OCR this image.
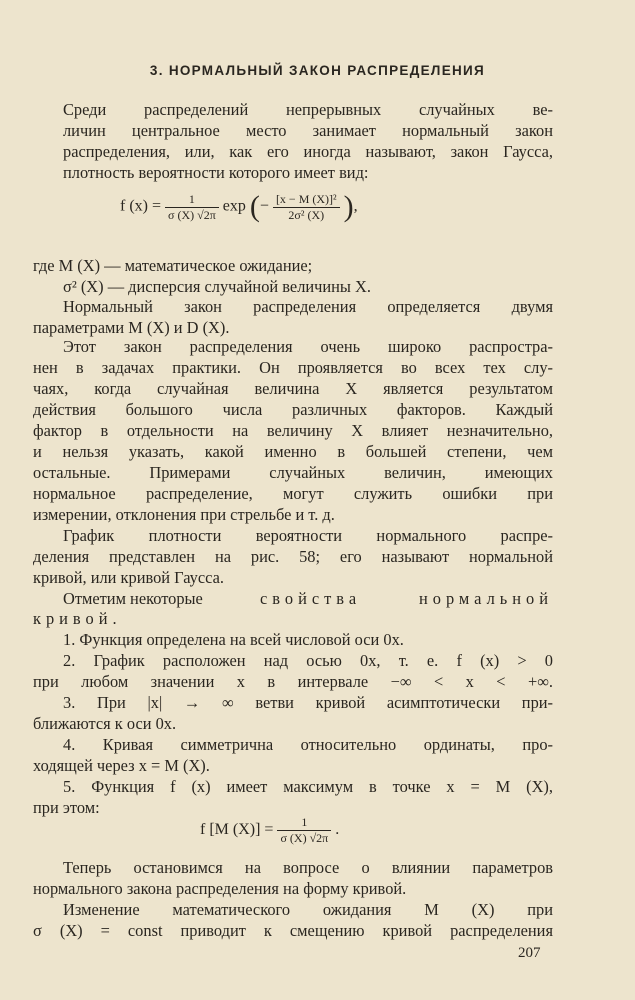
3. НОРМАЛЬНЫЙ ЗАКОН РАСПРЕДЕЛЕНИЯ
Среди распределений непрерывных случайных ве-
личин центральное место занимает нормальный закон
распределения, или, как его иногда называют, закон Гаусса,
плотность вероятности которого имеет вид:
f $(x) = \frac{1}{\sigma (X) √2\pi}$ exp (− $\frac{\text{[x − M (X)]²}}{\text{2σ² (X)}}$ ),
где M (X) — математическое ожидание;
σ² (X) — дисперсия случайной величины X.
Нормальный закон распределения определяется двумя
параметрами M (X) и D (X).
Этот закон распределения очень широко распростра-
нен в задачах практики. Он проявляется во всех тех слу-
чаях, когда случайная величина X является результатом
действия большого числа различных факторов. Каждый
фактор в отдельности на величину X влияет незначительно,
и нельзя указать, какой именно в большей степени, чем
остальные. Примерами случайных величин, имеющих
нормальное распределение, могут служить ошибки при
измерении, отклонения при стрельбе и т. д.
График плотности вероятности нормального распре-
деления представлен на рис. 58; его называют нормальной
кривой, или кривой Гаусса.
Отметим некоторые	свойства нормальной
кривой.
1. Функция определена на всей числовой оси 0x.
2. График расположен над осью 0x, т. е. f (x) > 0
при любом значении x в интервале −∞ < x < +∞.
3. При |x| → ∞ ветви кривой асимптотически при-
ближаются к оси 0x.
4. Кривая симметрична относительно ординаты, про-
ходящей через x = M (X).
5. Функция f (x) имеет максимум в точке x = M (X),
при этом:
f [M $(X)] = \frac{1}{\sigma (X) √2\pi}$ .
Теперь остановимся на вопросе о влиянии параметров
нормального закона распределения на форму кривой.
Изменение математического ожидания M (X) при
σ (X) = const приводит к смещению кривой распределения
207
